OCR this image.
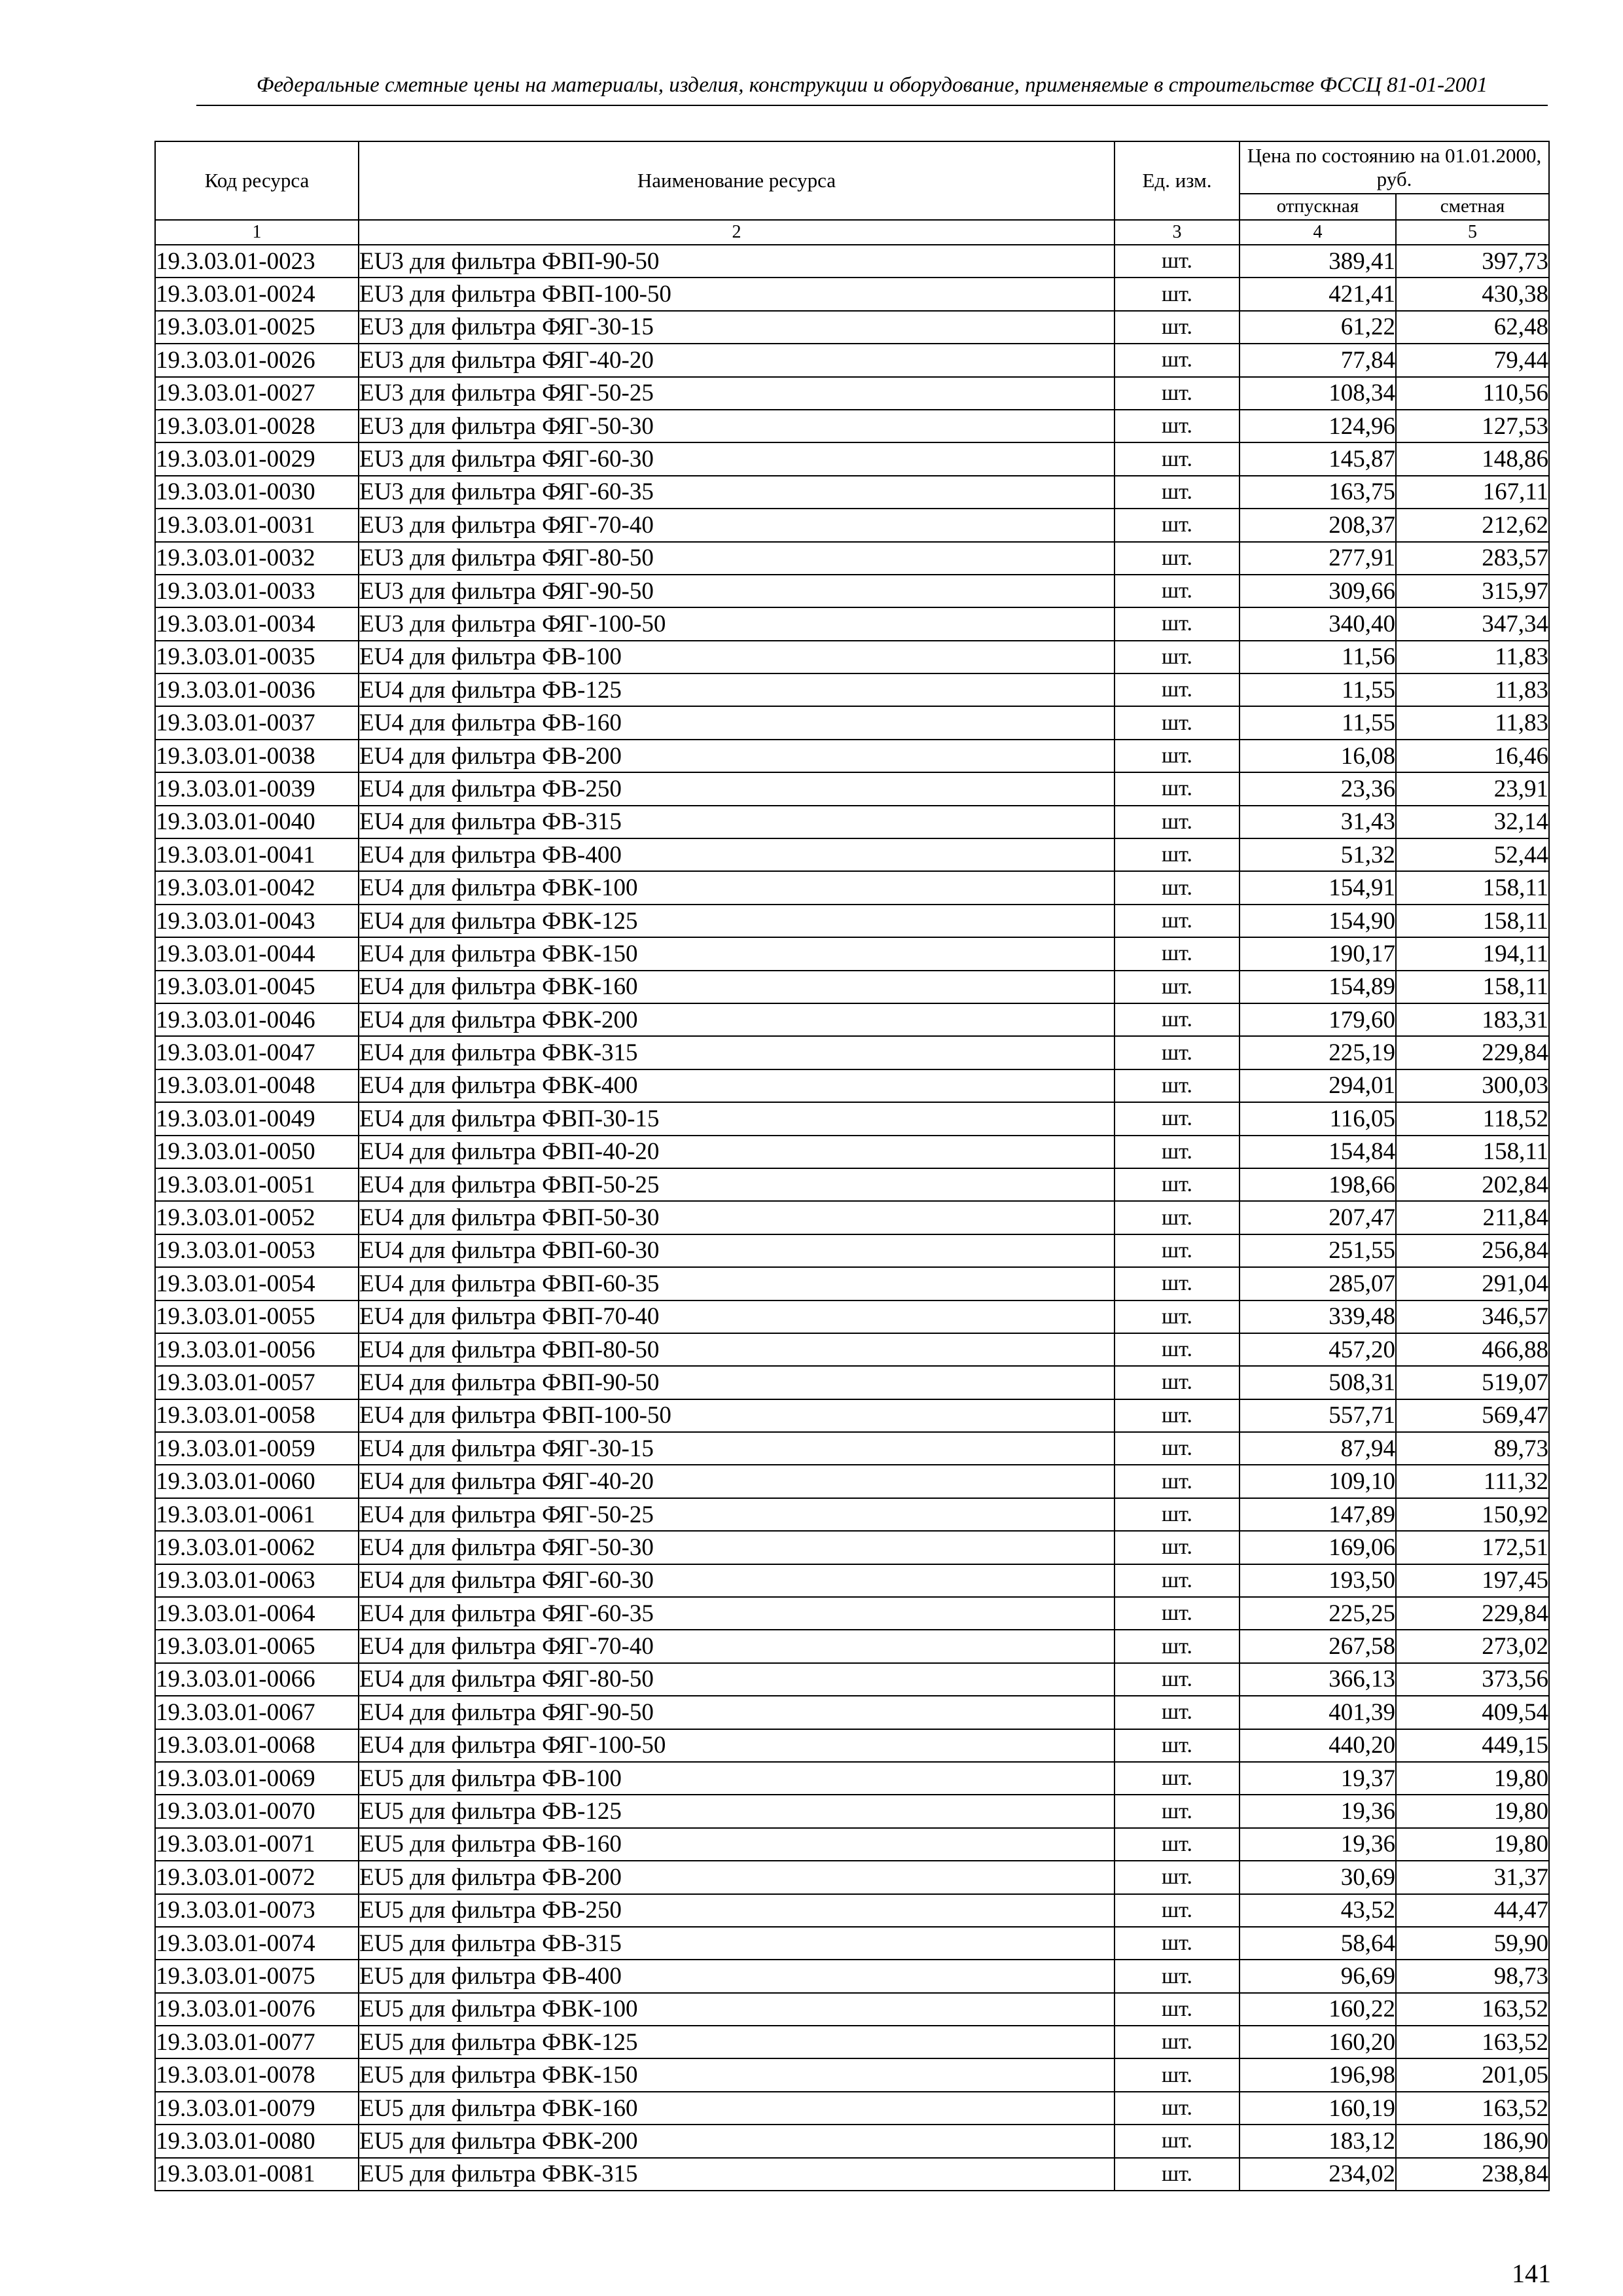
Федеральные сметные цены на материалы, изделия, конструкции и оборудование, применяемые в строительстве ФССЦ 81-01-2001
Код ресурса	Наименование ресурса	Ед. изм.	Цена по состоянию на 01.01.2000, руб.	
			отпускная	сметная
1	2	3	4	5
19.3.03.01-0023	EU3 для фильтра ФВП-90-50	шт.	389,41	397,73
19.3.03.01-0024	EU3 для фильтра ФВП-100-50	шт.	421,41	430,38
19.3.03.01-0025	EU3 для фильтра ФЯГ-30-15	шт.	61,22	62,48
19.3.03.01-0026	EU3 для фильтра ФЯГ-40-20	шт.	77,84	79,44
19.3.03.01-0027	EU3 для фильтра ФЯГ-50-25	шт.	108,34	110,56
19.3.03.01-0028	EU3 для фильтра ФЯГ-50-30	шт.	124,96	127,53
19.3.03.01-0029	EU3 для фильтра ФЯГ-60-30	шт.	145,87	148,86
19.3.03.01-0030	EU3 для фильтра ФЯГ-60-35	шт.	163,75	167,11
19.3.03.01-0031	EU3 для фильтра ФЯГ-70-40	шт.	208,37	212,62
19.3.03.01-0032	EU3 для фильтра ФЯГ-80-50	шт.	277,91	283,57
19.3.03.01-0033	EU3 для фильтра ФЯГ-90-50	шт.	309,66	315,97
19.3.03.01-0034	EU3 для фильтра ФЯГ-100-50	шт.	340,40	347,34
19.3.03.01-0035	EU4 для фильтра ФВ-100	шт.	11,56	11,83
19.3.03.01-0036	EU4 для фильтра ФВ-125	шт.	11,55	11,83
19.3.03.01-0037	EU4 для фильтра ФВ-160	шт.	11,55	11,83
19.3.03.01-0038	EU4 для фильтра ФВ-200	шт.	16,08	16,46
19.3.03.01-0039	EU4 для фильтра ФВ-250	шт.	23,36	23,91
19.3.03.01-0040	EU4 для фильтра ФВ-315	шт.	31,43	32,14
19.3.03.01-0041	EU4 для фильтра ФВ-400	шт.	51,32	52,44
19.3.03.01-0042	EU4 для фильтра ФВК-100	шт.	154,91	158,11
19.3.03.01-0043	EU4 для фильтра ФВК-125	шт.	154,90	158,11
19.3.03.01-0044	EU4 для фильтра ФВК-150	шт.	190,17	194,11
19.3.03.01-0045	EU4 для фильтра ФВК-160	шт.	154,89	158,11
19.3.03.01-0046	EU4 для фильтра ФВК-200	шт.	179,60	183,31
19.3.03.01-0047	EU4 для фильтра ФВК-315	шт.	225,19	229,84
19.3.03.01-0048	EU4 для фильтра ФВК-400	шт.	294,01	300,03
19.3.03.01-0049	EU4 для фильтра ФВП-30-15	шт.	116,05	118,52
19.3.03.01-0050	EU4 для фильтра ФВП-40-20	шт.	154,84	158,11
19.3.03.01-0051	EU4 для фильтра ФВП-50-25	шт.	198,66	202,84
19.3.03.01-0052	EU4 для фильтра ФВП-50-30	шт.	207,47	211,84
19.3.03.01-0053	EU4 для фильтра ФВП-60-30	шт.	251,55	256,84
19.3.03.01-0054	EU4 для фильтра ФВП-60-35	шт.	285,07	291,04
19.3.03.01-0055	EU4 для фильтра ФВП-70-40	шт.	339,48	346,57
19.3.03.01-0056	EU4 для фильтра ФВП-80-50	шт.	457,20	466,88
19.3.03.01-0057	EU4 для фильтра ФВП-90-50	шт.	508,31	519,07
19.3.03.01-0058	EU4 для фильтра ФВП-100-50	шт.	557,71	569,47
19.3.03.01-0059	EU4 для фильтра ФЯГ-30-15	шт.	87,94	89,73
19.3.03.01-0060	EU4 для фильтра ФЯГ-40-20	шт.	109,10	111,32
19.3.03.01-0061	EU4 для фильтра ФЯГ-50-25	шт.	147,89	150,92
19.3.03.01-0062	EU4 для фильтра ФЯГ-50-30	шт.	169,06	172,51
19.3.03.01-0063	EU4 для фильтра ФЯГ-60-30	шт.	193,50	197,45
19.3.03.01-0064	EU4 для фильтра ФЯГ-60-35	шт.	225,25	229,84
19.3.03.01-0065	EU4 для фильтра ФЯГ-70-40	шт.	267,58	273,02
19.3.03.01-0066	EU4 для фильтра ФЯГ-80-50	шт.	366,13	373,56
19.3.03.01-0067	EU4 для фильтра ФЯГ-90-50	шт.	401,39	409,54
19.3.03.01-0068	EU4 для фильтра ФЯГ-100-50	шт.	440,20	449,15
19.3.03.01-0069	EU5 для фильтра ФВ-100	шт.	19,37	19,80
19.3.03.01-0070	EU5 для фильтра ФВ-125	шт.	19,36	19,80
19.3.03.01-0071	EU5 для фильтра ФВ-160	шт.	19,36	19,80
19.3.03.01-0072	EU5 для фильтра ФВ-200	шт.	30,69	31,37
19.3.03.01-0073	EU5 для фильтра ФВ-250	шт.	43,52	44,47
19.3.03.01-0074	EU5 для фильтра ФВ-315	шт.	58,64	59,90
19.3.03.01-0075	EU5 для фильтра ФВ-400	шт.	96,69	98,73
19.3.03.01-0076	EU5 для фильтра ФВК-100	шт.	160,22	163,52
19.3.03.01-0077	EU5 для фильтра ФВК-125	шт.	160,20	163,52
19.3.03.01-0078	EU5 для фильтра ФВК-150	шт.	196,98	201,05
19.3.03.01-0079	EU5 для фильтра ФВК-160	шт.	160,19	163,52
19.3.03.01-0080	EU5 для фильтра ФВК-200	шт.	183,12	186,90
19.3.03.01-0081	EU5 для фильтра ФВК-315	шт.	234,02	238,84
141
